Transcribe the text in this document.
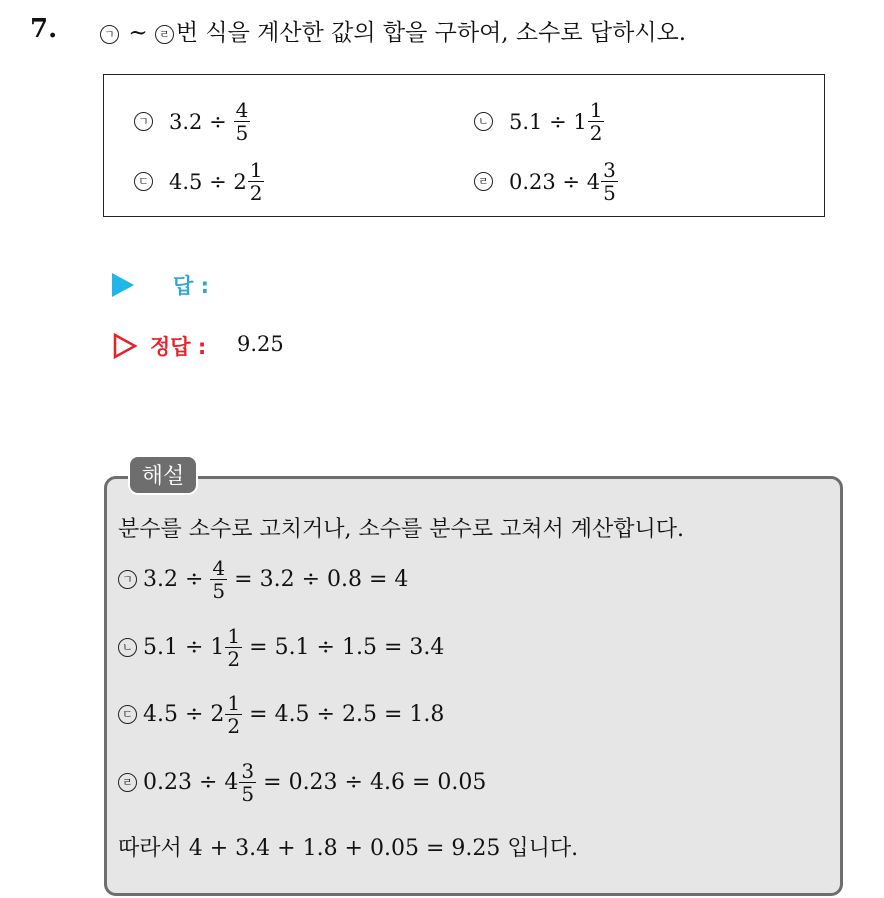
7.	ㄱ ~ ㄹ 번 식을 계산한 값의 합을 구하여, 소수로 답하시오.
ㄱ $3.2 \div \frac{4}{5}$	ㄴ $5.1 \div 1 \frac{1}{2}$
ㄷ $4.5 \div 2 \frac{1}{2}$	ㄹ $0.23 \div 4 \frac{3}{5}$
답 :
정답 : 9.25
해설
분수를 소수로 고치거나, 소수를 분수로 고쳐서 계산합니다.
ㄱ $3.2 \div \frac{4}{5} = 3.2 \div 0.8 = 4$
ㄴ $5.1 \div 1 \frac{1}{2} = 5.1 \div 1.5 = 3.4$
ㄷ $4.5 \div 2 \frac{1}{2} = 4.5 \div 2.5 = 1.8$
ㄹ $0.23 \div 4 \frac{3}{5} = 0.23 \div 4.6 = 0.05$
따라서 4 + 3.4 + 1.8 + 0.05 = 9.25 입니다.
